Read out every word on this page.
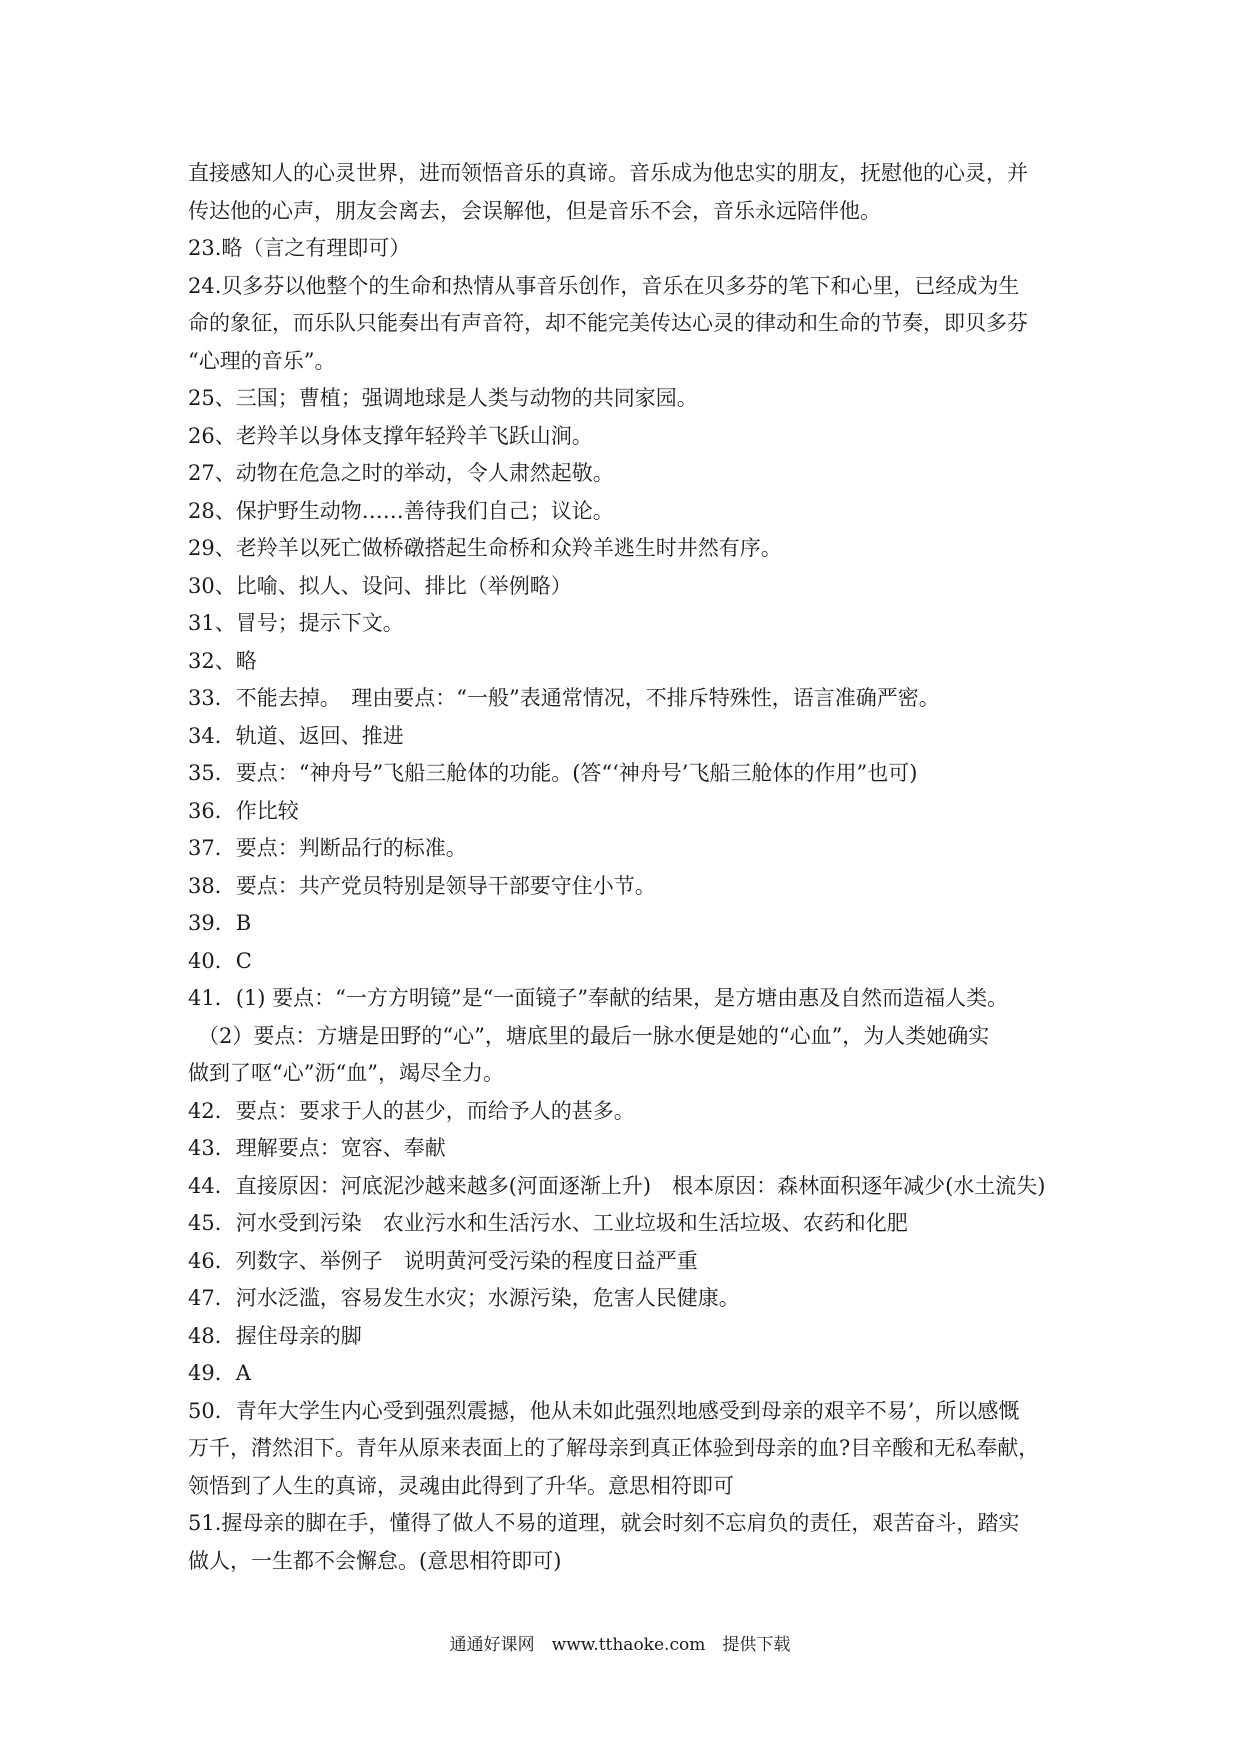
直接感知人的心灵世界，进而领悟音乐的真谛。音乐成为他忠实的朋友，抚慰他的心灵，并
传达他的心声，朋友会离去，会误解他，但是音乐不会，音乐永远陪伴他。
23.略（言之有理即可）
24.贝多芬以他整个的生命和热情从事音乐创作，音乐在贝多芬的笔下和心里，已经成为生
命的象征，而乐队只能奏出有声音符，却不能完美传达心灵的律动和生命的节奏，即贝多芬
“心理的音乐”。
25、三国；曹植；强调地球是人类与动物的共同家园。
26、老羚羊以身体支撑年轻羚羊飞跃山涧。
27、动物在危急之时的举动，令人肃然起敬。
28、保护野生动物……善待我们自己；议论。
29、老羚羊以死亡做桥礅搭起生命桥和众羚羊逃生时井然有序。
30、比喻、拟人、设问、排比（举例略）
31、冒号；提示下文。
32、略
33．不能去掉。　理由要点：“一般”表通常情况，不排斥特殊性，语言准确严密。
34．轨道、返回、推进
35．要点：“神舟号”飞船三舱体的功能。(答“‘神舟号’飞船三舱体的作用”也可)
36．作比较
37．要点：判断品行的标准。
38．要点：共产党员特别是领导干部要守住小节。
39．B
40．C
41．(1) 要点：“一方方明镜”是“一面镜子”奉献的结果，是方塘由惠及自然而造福人类。
（2）要点：方塘是田野的“心”，塘底里的最后一脉水便是她的“心血”，为人类她确实
做到了呕“心”沥“血”，竭尽全力。
42．要点：要求于人的甚少，而给予人的甚多。
43．理解要点：宽容、奉献
44．直接原因：河底泥沙越来越多(河面逐渐上升)　根本原因：森林面积逐年减少(水土流失)
45．河水受到污染　农业污水和生活污水、工业垃圾和生活垃圾、农药和化肥
46．列数字、举例子　说明黄河受污染的程度日益严重
47．河水泛滥，容易发生水灾；水源污染，危害人民健康。
48．握住母亲的脚
49．A
50．青年大学生内心受到强烈震撼，他从未如此强烈地感受到母亲的艰辛不易’，所以感慨
万千，潸然泪下。青年从原来表面上的了解母亲到真正体验到母亲的血?目辛酸和无私奉献，
领悟到了人生的真谛，灵魂由此得到了升华。意思相符即可
51.握母亲的脚在手，懂得了做人不易的道理，就会时刻不忘肩负的责任，艰苦奋斗，踏实
做人，一生都不会懈怠。(意思相符即可)
通通好课网　www.tthaoke.com　提供下载
